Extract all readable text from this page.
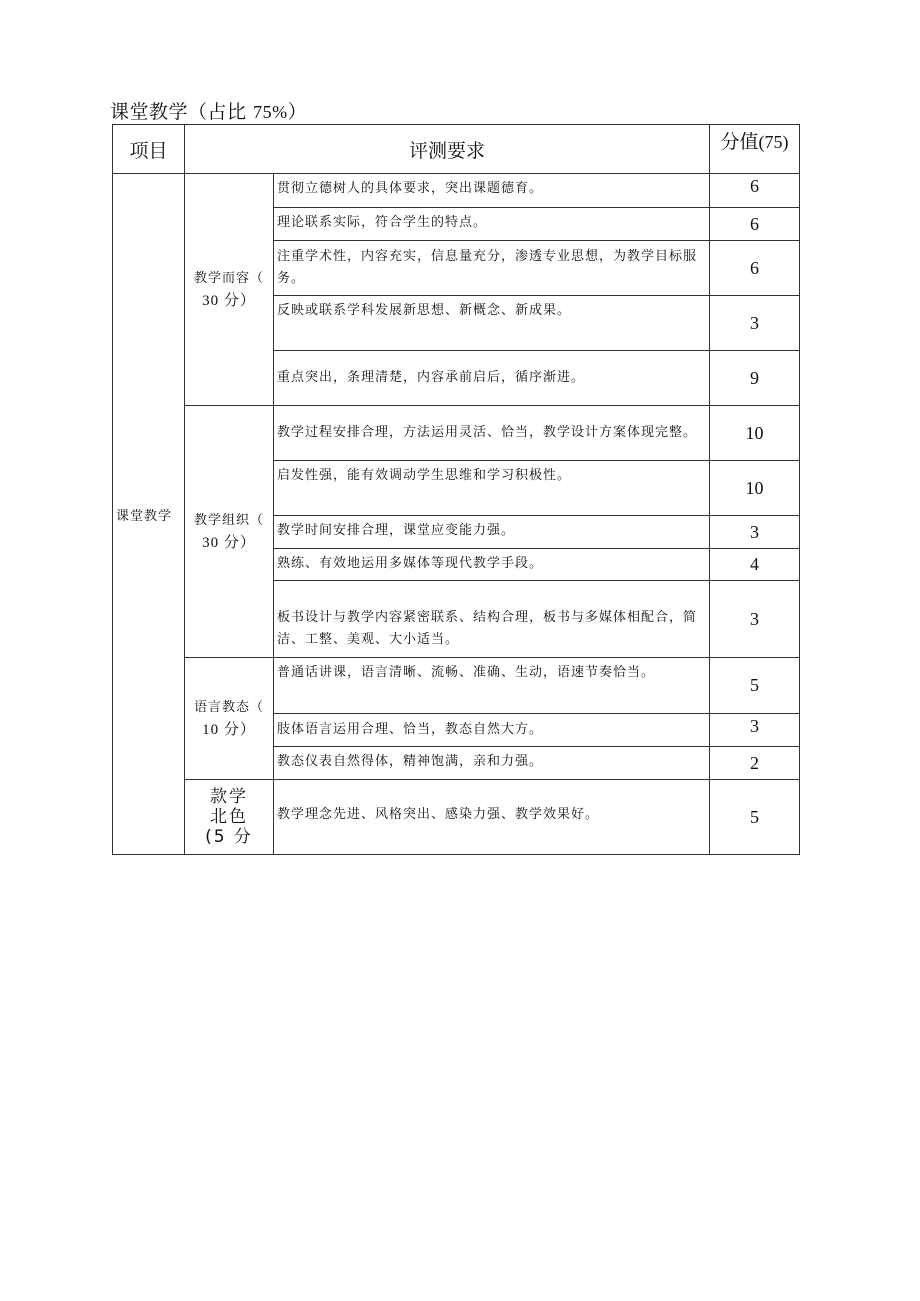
课堂教学（占比 75%）
项目	评测要求		分值(75)
课堂教学	教学而容（
30 分）	贯彻立德树人的具体要求，突出课题德育。	6
		理论联系实际，符合学生的特点。	6
		注重学术性，内容充实，信息量充分，渗透专业思想，为教学目标服务。	6
		反映或联系学科发展新思想、新概念、新成果。	3
		重点突出，条理清楚，内容承前启后，循序渐进。	9

	教学组织（
30 分）	教学过程安排合理，方法运用灵活、恰当，教学设计方案体现完整。	10
		启发性强，能有效调动学生思维和学习积极性。	10
		教学时间安排合理，课堂应变能力强。	3
		熟练、有效地运用多媒体等现代教学手段。	4
		板书设计与教学内容紧密联系、结构合理，板书与多媒体相配合，简洁、工整、美观、大小适当。	3

	语言教态（
10 分）	普通话讲课，语言清晰、流畅、准确、生动，语速节奏恰当。	5
		肢体语言运用合理、恰当，教态自然大方。	3
		教态仪表自然得体，精神饱满，亲和力强。	2

	款学
北色
(5 分	教学理念先进、风格突出、感染力强、教学效果好。	5
